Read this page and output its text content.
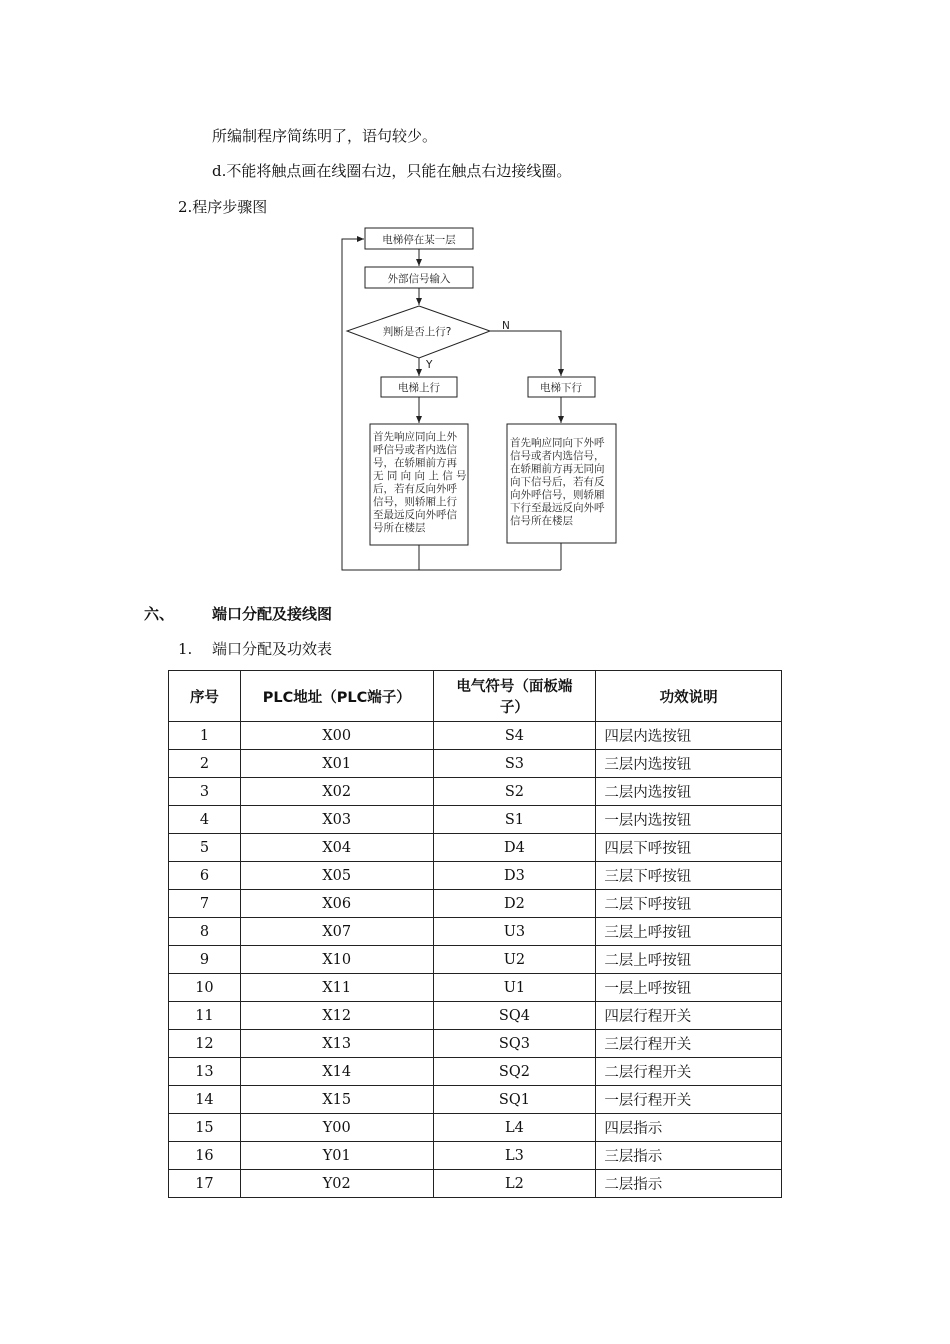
所编制程序简练明了，语句较少。
d.不能将触点画在线圈右边，只能在触点右边接线圈。
2.程序步骤图
电梯停在某一层
外部信号输入
判断是否上行?
Y
N
电梯上行	电梯下行
首先响应同向上外
呼信号或者内选信
号，在轿厢前方再
无 同 向 向 上 信 号
后，若有反向外呼
信号，则轿厢上行
至最远反向外呼信
号所在楼层
首先响应同向下外呼
信号或者内选信号，
在轿厢前方再无同向
向下信号后，若有反
向外呼信号，则轿厢
下行至最远反向外呼
信号所在楼层
六、	端口分配及接线图
1. 端口分配及功效表
序号	PLC地址（PLC端子）	电气符号（面板端子）	功效说明
1	X00	S4	四层内选按钮
2	X01	S3	三层内选按钮
3	X02	S2	二层内选按钮
4	X03	S1	一层内选按钮
5	X04	D4	四层下呼按钮
6	X05	D3	三层下呼按钮
7	X06	D2	二层下呼按钮
8	X07	U3	三层上呼按钮
9	X10	U2	二层上呼按钮
10	X11	U1	一层上呼按钮
11	X12	SQ4	四层行程开关
12	X13	SQ3	三层行程开关
13	X14	SQ2	二层行程开关
14	X15	SQ1	一层行程开关
15	Y00	L4	四层指示
16	Y01	L3	三层指示
17	Y02	L2	二层指示
